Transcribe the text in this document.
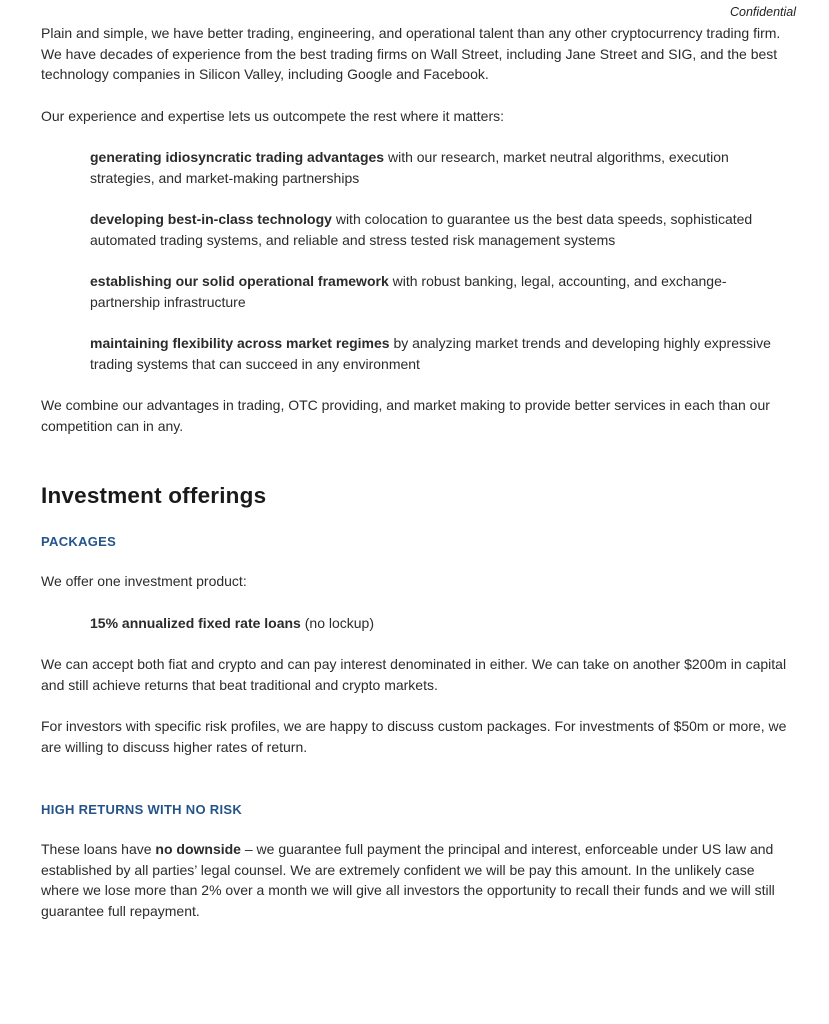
Confidential

Plain and simple, we have better trading, engineering, and operational talent than any other cryptocurrency trading firm. We have decades of experience from the best trading firms on Wall Street, including Jane Street and SIG, and the best technology companies in Silicon Valley, including Google and Facebook.

Our experience and expertise lets us outcompete the rest where it matters:

generating idiosyncratic trading advantages with our research, market neutral algorithms, execution strategies, and market-making partnerships

developing best-in-class technology with colocation to guarantee us the best data speeds, sophisticated automated trading systems, and reliable and stress tested risk management systems

establishing our solid operational framework with robust banking, legal, accounting, and exchange-partnership infrastructure

maintaining flexibility across market regimes by analyzing market trends and developing highly expressive trading systems that can succeed in any environment

We combine our advantages in trading, OTC providing, and market making to provide better services in each than our competition can in any.

Investment offerings
PACKAGES

We offer one investment product:

15% annualized fixed rate loans (no lockup)

We can accept both fiat and crypto and can pay interest denominated in either. We can take on another $200m in capital and still achieve returns that beat traditional and crypto markets.

For investors with specific risk profiles, we are happy to discuss custom packages. For investments of $50m or more, we are willing to discuss higher rates of return.

HIGH RETURNS WITH NO RISK

These loans have no downside – we guarantee full payment the principal and interest, enforceable under US law and established by all parties’ legal counsel. We are extremely confident we will be pay this amount. In the unlikely case where we lose more than 2% over a month we will give all investors the opportunity to recall their funds and we will still guarantee full repayment.
